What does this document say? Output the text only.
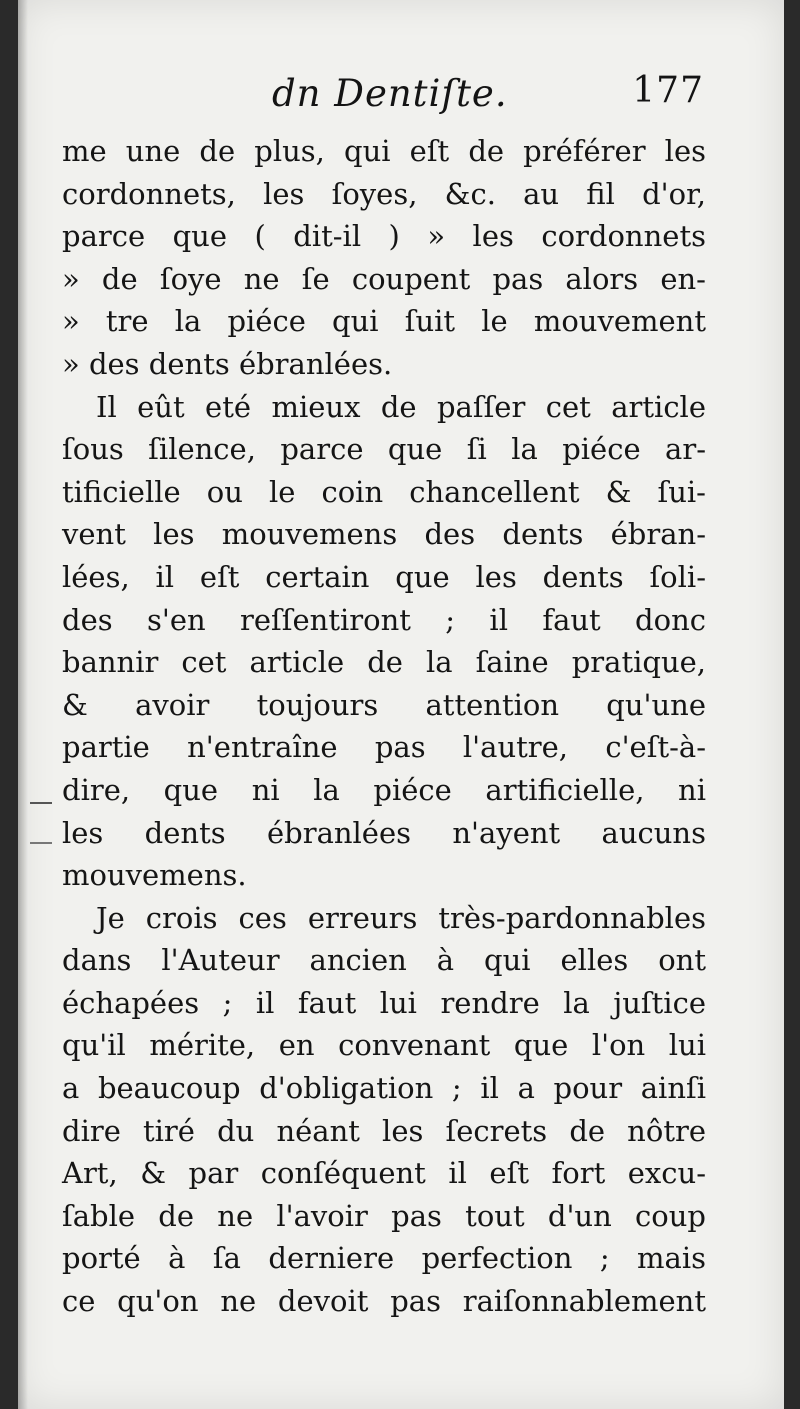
dn Dentiſte.	177
me une de plus, qui eſt de préférer les
cordonnets, les ſoyes, &c. au fil d'or,
parce que ( dit-il ) » les cordonnets
» de ſoye ne ſe coupent pas alors en-
» tre la piéce qui ſuit le mouvement
» des dents ébranlées.
Il eût eté mieux de paſſer cet article
ſous ſilence, parce que ſi la piéce ar-
tificielle ou le coin chancellent & ſui-
vent les mouvemens des dents ébran-
lées, il eſt certain que les dents ſoli-
des s'en reſſentiront ; il faut donc
bannir cet article de la ſaine pratique,
& avoir toujours attention qu'une
partie n'entraîne pas l'autre, c'eſt-à-
dire, que ni la piéce artificielle, ni
les dents ébranlées n'ayent aucuns
mouvemens.
Je crois ces erreurs très-pardonnables
dans l'Auteur ancien à qui elles ont
échapées ; il faut lui rendre la juſtice
qu'il mérite, en convenant que l'on lui
a beaucoup d'obligation ; il a pour ainſi
dire tiré du néant les ſecrets de nôtre
Art, & par conſéquent il eſt fort excu-
ſable de ne l'avoir pas tout d'un coup
porté à ſa derniere perfection ; mais
ce qu'on ne devoit pas raiſonnablement
